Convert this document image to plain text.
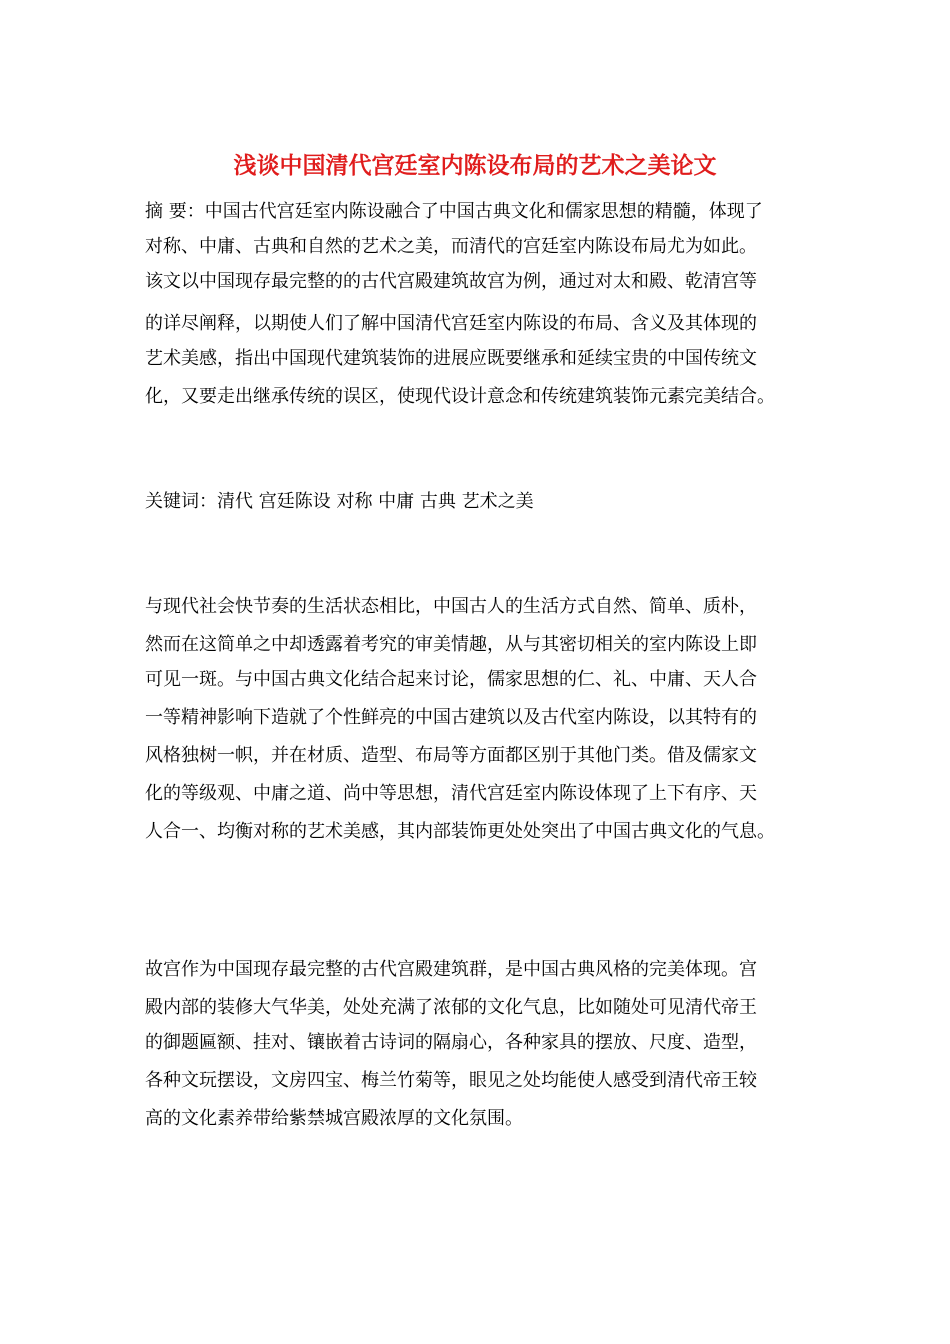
浅谈中国清代宫廷室内陈设布局的艺术之美论文
摘 要：中国古代宫廷室内陈设融合了中国古典文化和儒家思想的精髓，体现了
对称、中庸、古典和自然的艺术之美，而清代的宫廷室内陈设布局尤为如此。
该文以中国现存最完整的的古代宫殿建筑故宫为例，通过对太和殿、乾清宫等
的详尽阐释，以期使人们了解中国清代宫廷室内陈设的布局、含义及其体现的
艺术美感，指出中国现代建筑装饰的进展应既要继承和延续宝贵的中国传统文
化，又要走出继承传统的误区，使现代设计意念和传统建筑装饰元素完美结合。
关键词：清代 宫廷陈设 对称 中庸 古典 艺术之美
与现代社会快节奏的生活状态相比，中国古人的生活方式自然、简单、质朴，
然而在这简单之中却透露着考究的审美情趣，从与其密切相关的室内陈设上即
可见一斑。与中国古典文化结合起来讨论，儒家思想的仁、礼、中庸、天人合
一等精神影响下造就了个性鲜亮的中国古建筑以及古代室内陈设，以其特有的
风格独树一帜，并在材质、造型、布局等方面都区别于其他门类。借及儒家文
化的等级观、中庸之道、尚中等思想，清代宫廷室内陈设体现了上下有序、天
人合一、均衡对称的艺术美感，其内部装饰更处处突出了中国古典文化的气息。
故宫作为中国现存最完整的古代宫殿建筑群，是中国古典风格的完美体现。宫
殿内部的装修大气华美，处处充满了浓郁的文化气息，比如随处可见清代帝王
的御题匾额、挂对、镶嵌着古诗词的隔扇心，各种家具的摆放、尺度、造型，
各种文玩摆设，文房四宝、梅兰竹菊等，眼见之处均能使人感受到清代帝王较
高的文化素养带给紫禁城宫殿浓厚的文化氛围。
